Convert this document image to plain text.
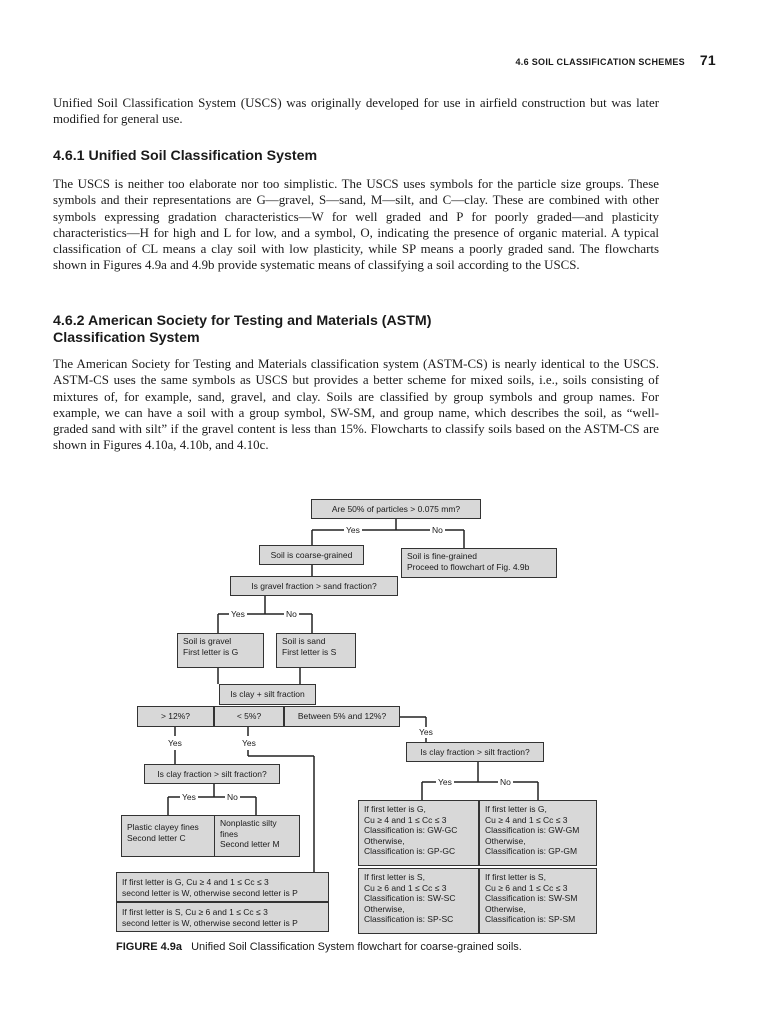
4.6 SOIL CLASSIFICATION SCHEMES 71

Unified Soil Classification System (USCS) was originally developed for use in airfield construction but was later modified for general use.

4.6.1 Unified Soil Classification System

The USCS is neither too elaborate nor too simplistic. The USCS uses symbols for the particle size groups. These symbols and their representations are G—gravel, S—sand, M—silt, and C—clay. These are combined with other symbols expressing gradation characteristics—W for well graded and P for poorly graded—and plasticity characteristics—H for high and L for low, and a symbol, O, indicating the presence of organic material. A typical classification of CL means a clay soil with low plasticity, while SP means a poorly graded sand. The flowcharts shown in Figures 4.9a and 4.9b provide systematic means of classifying a soil according to the USCS.

4.6.2 American Society for Testing and Materials (ASTM)
Classification System

The American Society for Testing and Materials classification system (ASTM-CS) is nearly identical to the USCS. ASTM-CS uses the same symbols as USCS but provides a better scheme for mixed soils, i.e., soils consisting of mixtures of, for example, sand, gravel, and clay. Soils are classified by group symbols and group names. For example, we can have a soil with a group symbol, SW-SM, and group name, which describes the soil, as “well-graded sand with silt” if the gravel content is less than 15%. Flowcharts to classify soils based on the ASTM-CS are shown in Figures 4.10a, 4.10b, and 4.10c.

Are 50% of particles > 0.075 mm?
Yes	No
Soil is coarse-grained	Soil is fine-grained
Proceed to flowchart of Fig. 4.9b
Is gravel fraction > sand fraction?
Yes	No
Soil is gravel
First letter is G
Soil is sand
First letter is S
Is clay + silt fraction
> 12%?	< 5%?	Between 5% and 12%?
Yes	Yes
Yes
Is clay fraction > silt fraction?
Yes	No
Is clay fraction > silt fraction?
Yes	No
Plastic clayey fines
Second letter C
Nonplastic silty
fines
Second letter M
If first letter is G, Cu ≥ 4 and 1 ≤ Cc ≤ 3
second letter is W, otherwise second letter is P
If first letter is S, Cu ≥ 6 and 1 ≤ Cc ≤ 3
second letter is W, otherwise second letter is P
If first letter is G,
Cu ≥ 4 and 1 ≤ Cc ≤ 3
Classification is: GW-GC
Otherwise,
Classification is: GP-GC
If first letter is G,
Cu ≥ 4 and 1 ≤ Cc ≤ 3
Classification is: GW-GM
Otherwise,
Classification is: GP-GM
If first letter is S,
Cu ≥ 6 and 1 ≤ Cc ≤ 3
Classification is: SW-SC
Otherwise,
Classification is: SP-SC
If first letter is S,
Cu ≥ 6 and 1 ≤ Cc ≤ 3
Classification is: SW-SM
Otherwise,
Classification is: SP-SM
FIGURE 4.9a Unified Soil Classification System flowchart for coarse-grained soils.
